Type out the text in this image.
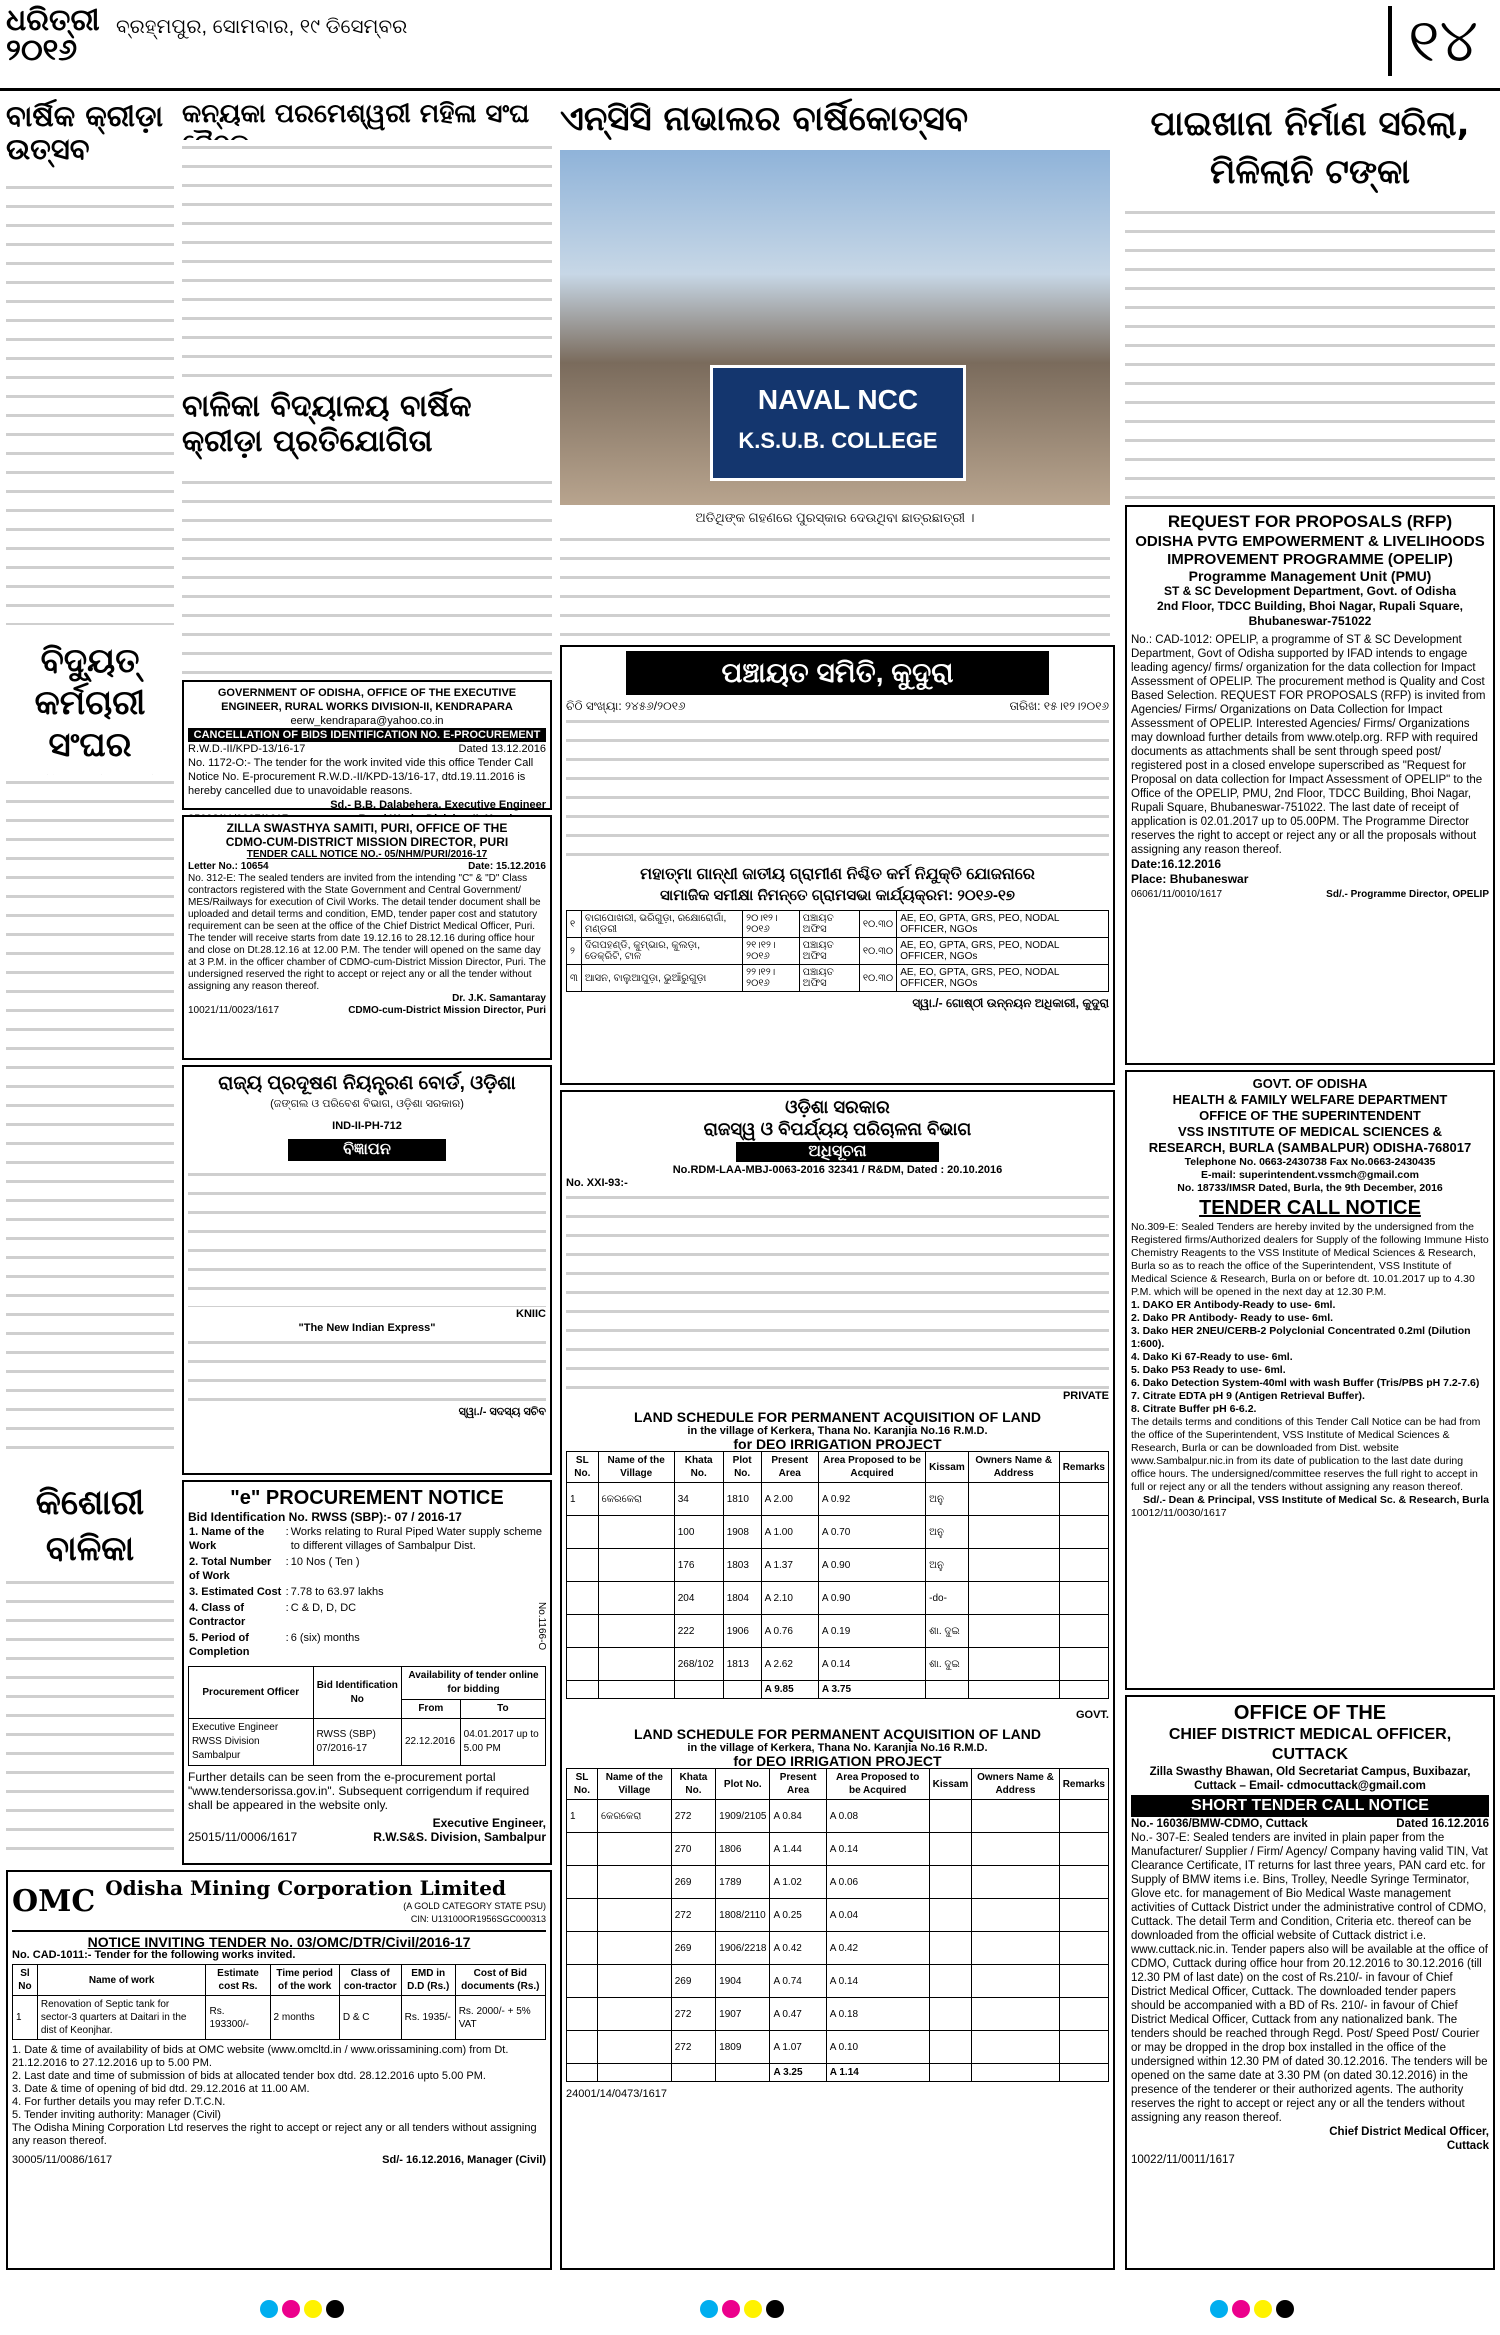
ଧରିତ୍ରୀ
୨୦୧୬
ବ୍ରହ୍ମପୁର, ସୋମବାର, ୧୯ ଡିସେମ୍ବର	୧୪
ବାର୍ଷିକ କ୍ରୀଡ଼ା ଉତ୍ସବ
ବିଦ୍ୟୁତ୍ କର୍ମଚାରୀ ସଂଘର
କିଶୋରୀ ବାଳିକା
କନ୍ୟକା ପରମେଶ୍ୱରୀ ମହିଳା ସଂଘ
ବାଳିକା ବିଦ୍ୟାଳୟ ବାର୍ଷିକ କ୍ରୀଡ଼ା ପ୍ରତିଯୋଗିତା
GOVERNMENT OF ODISHA, OFFICE OF THE EXECUTIVE
ENGINEER, RURAL WORKS DIVISION-II, KENDRAPARA
eerw_kendrapara@yahoo.co.in
CANCELLATION OF BIDS IDENTIFICATION NO. E-PROCUREMENT
R.W.D.-II/KPD-13/16-17	Dated 13.12.2016
No. 1172-O:- The tender for the work invited vide this office Tender Call Notice No. E-procurement R.W.D.-II/KPD-13/16-17, dtd.19.11.2016 is hereby cancelled due to unavoidable reasons.
Sd.- B.B. Dalabehera, Executive Engineer
ZILLA SWASTHYA SAMITI, PURI, OFFICE OF THE
CDMO-CUM-DISTRICT MISSION DIRECTOR, PURI
TENDER CALL NOTICE NO.- 05/NHM/PURI/2016-17
Letter No.: 10654	Date: 15.12.2016
No. 312-E: The sealed tenders are invited from the intending "C" & "D" Class contractors registered with the State Government and Central Government/ MES/Railways for execution of Civil Works. The detail tender document shall be uploaded and detail terms and condition, EMD, tender paper cost and statutory requirement can be seen at the office of the Chief District Medical Officer, Puri. The tender will receive starts from date 19.12.16 to 28.12.16 during office hour and close on Dt.28.12.16 at 12.00 P.M. The tender will opened on the same day at 3 P.M. in the officer chamber of CDMO-cum-District Mission Director, Puri. The undersigned reserved the right to accept or reject any or all the tender without assigning any reason thereof.
Dr. J.K. Samantaray
10021/11/0023/1617	CDMO-cum-District Mission Director, Puri
ରାଜ୍ୟ ପ୍ରଦୂଷଣ ନିୟନ୍ତ୍ରଣ ବୋର୍ଡ, ଓଡ଼ିଶା
(ଜଙ୍ଗଲ ଓ ପରିବେଶ ବିଭାଗ, ଓଡ଼ିଶା ସରକାର)
IND-II-PH-712
ବିଜ୍ଞାପନ
KNIIC
"The New Indian Express"
ସ୍ୱା./- ସଦସ୍ୟ ସଚିବ
"e" PROCUREMENT NOTICE
Bid Identification No. RWSS (SBP):- 07 / 2016-17
1. Name of the Work	:	Works relating to Rural Piped Water supply scheme to different villages of Sambalpur Dist.
2. Total Number of Work	:	10 Nos ( Ten )
3. Estimated Cost	:	7.78 to 63.97 lakhs
4. Class of Contractor	:	C & D, D, DC
5. Period of Completion	:	6 (six) months
Procurement Officer	Bid Identification No	Availability of tender online for bidding	
		From	To
Executive Engineer RWSS Division Sambalpur	RWSS (SBP) 07/2016-17	22.12.2016	04.01.2017 up to 5.00 PM
Further details can be seen from the e-procurement portal "www.tendersorissa.gov.in". Subsequent corrigendum if required shall be appeared in the website only.
Executive Engineer,
25015/11/0006/1617	R.W.S&S. Division, Sambalpur
No.1166-O
OMC Odisha Mining Corporation Limited
(A GOLD CATEGORY STATE PSU)
CIN: U13100OR1956SGC000313
NOTICE INVITING TENDER No. 03/OMC/DTR/Civil/2016-17
No. CAD-1011:- Tender for the following works invited.
Sl No	Name of work	Estimate cost Rs.	Time period of the work	Class of con-tractor	EMD in D.D (Rs.)	Cost of Bid documents (Rs.)
1	Renovation of Septic tank for sector-3 quarters at Daitari in the dist of Keonjhar.	Rs. 193300/-	2 months	D & C	Rs. 1935/-	Rs. 2000/- + 5% VAT
1. Date & time of availability of bids at OMC website (www.omcltd.in / www.orissamining.com) from Dt. 21.12.2016 to 27.12.2016 up to 5.00 PM.
2. Last date and time of submission of bids at allocated tender box dtd. 28.12.2016 upto 5.00 PM.
3. Date & time of opening of bid dtd. 29.12.2016 at 11.00 AM.
4. For further details you may refer D.T.C.N.
5. Tender inviting authority: Manager (Civil)
The Odisha Mining Corporation Ltd reserves the right to accept or reject any or all tenders without assigning any reason thereof.
30005/11/0086/1617	Sd/- 16.12.2016, Manager (Civil)
ଏନ୍‌ସିସି ନାଭାଲର ବାର୍ଷିକୋତ୍ସବ
NAVAL NCC
K.S.U.B. COLLEGE
ଅତିଥିଙ୍କ ଗହଣରେ ପୁରସ୍କାର ଦେଉଥିବା ଛାତ୍ରଛାତ୍ରୀ ।
ପଞ୍ଚାୟତ ସମିତି, କୁଦୁରା
ଚିଠି ସଂଖ୍ୟା: ୨୪୫୬/୨୦୧୬	ତାରିଖ: ୧୫।୧୨।୨୦୧୬
ମହାତ୍ମା ଗାନ୍ଧୀ ଜାତୀୟ ଗ୍ରାମୀଣ ନିଶ୍ଚିତ କର୍ମ ନିଯୁକ୍ତି ଯୋଜନାରେ
ସାମାଜିକ ସମୀକ୍ଷା ନିମନ୍ତେ ଗ୍ରାମସଭା କାର୍ଯ୍ୟକ୍ରମ: ୨୦୧୬-୧୭
୧	ବାଗପୋଖରୀ, ଭରିଗୁଡ଼ା, ରକ୍ଷୋରୋଗାଁ, ମଣ୍ଡରୀ	୨୦।୧୨।୨୦୧୬	ପଞ୍ଚାୟତ ଅଫିସ	୧୦.୩୦	AE, EO, GPTA, GRS, PEO, NODAL OFFICER, NGOs
୨	ଦିଗପହଣ୍ଡି, କୁମ୍ଭାର, କୁଲଡ଼ା, ଡେକ୍ରିଟି, ଟାଳ	୨୧।୧୨।୨୦୧୬	ପଞ୍ଚାୟତ ଅଫିସ	୧୦.୩୦	AE, EO, GPTA, GRS, PEO, NODAL OFFICER, NGOs
୩	ଆସନ, ବାଲୁଆପୁଡ଼ା, ଭୁଆଁରୁଗୁଡ଼ା	୨୨।୧୨।୨୦୧୬	ପଞ୍ଚାୟତ ଅଫିସ	୧୦.୩୦	AE, EO, GPTA, GRS, PEO, NODAL OFFICER, NGOs
ସ୍ୱା./- ଗୋଷ୍ଠୀ ଉନ୍ନୟନ ଅଧିକାରୀ, କୁଦୁରା
ଓଡ଼ିଶା ସରକାର
ରାଜସ୍ୱ ଓ ବିପର୍ଯ୍ୟୟ ପରିଚାଳନା ବିଭାଗ
ଅଧିସୂଚନା
No.RDM-LAA-MBJ-0063-2016 32341 / R&DM, Dated : 20.10.2016
No. XXI-93:-
PRIVATE
LAND SCHEDULE FOR PERMANENT ACQUISITION OF LAND
in the village of Kerkera, Thana No. Karanjia No.16 R.M.D.
for DEO IRRIGATION PROJECT
SL No.	Name of the Village	Khata No.	Plot No.	Present Area	Area Proposed to be Acquired	Kissam	Owners Name & Address	Remarks
1	କେରକେରା	34	1810	A 2.00	A 0.92	ଅନୁ		
		100	1908	A 1.00	A 0.70	ଅନୁ		
		176	1803	A 1.37	A 0.90	ଅନୁ		
		204	1804	A 2.10	A 0.90	-do-		
		222	1906	A 0.76	A 0.19	ଶା. ଦୁଇ		
		268/102	1813	A 2.62	A 0.14	ଶା. ଦୁଇ		
				A 9.85	A 3.75			
GOVT.
LAND SCHEDULE FOR PERMANENT ACQUISITION OF LAND
in the village of Kerkera, Thana No. Karanjia No.16 R.M.D.
for DEO IRRIGATION PROJECT
SL No.	Name of the Village	Khata No.	Plot No.	Present Area	Area Proposed to be Acquired	Kissam	Owners Name & Address	Remarks
1	କେରକେରା	272	1909/2105	A 0.84	A 0.08			
		270	1806	A 1.44	A 0.14			
		269	1789	A 1.02	A 0.06			
		272	1808/2110	A 0.25	A 0.04			
		269	1906/2218	A 0.42	A 0.42			
		269	1904	A 0.74	A 0.14			
		272	1907	A 0.47	A 0.18			
		272	1809	A 1.07	A 0.10			
				A 3.25	A 1.14			
24001/14/0473/1617
ପାଇଖାନା ନିର୍ମାଣ ସରିଲା, ମିଳିଲାନି ଟଙ୍କା
REQUEST FOR PROPOSALS (RFP)
ODISHA PVTG EMPOWERMENT & LIVELIHOODS IMPROVEMENT PROGRAMME (OPELIP)
Programme Management Unit (PMU)
ST & SC Development Department, Govt. of Odisha
2nd Floor, TDCC Building, Bhoi Nagar, Rupali Square, Bhubaneswar-751022
No.: CAD-1012: OPELIP, a programme of ST & SC Development Department, Govt of Odisha supported by IFAD intends to engage leading agency/ firms/ organization for the data collection for Impact Assessment of OPELIP. The procurement method is Quality and Cost Based Selection. REQUEST FOR PROPOSALS (RFP) is invited from Agencies/ Firms/ Organizations on Data Collection for Impact Assessment of OPELIP. Interested Agencies/ Firms/ Organizations may download further details from www.otelp.org. RFP with required documents as attachments shall be sent through speed post/ registered post in a closed envelope superscribed as "Request for Proposal on data collection for Impact Assessment of OPELIP" to the Office of the OPELIP, PMU, 2nd Floor, TDCC Building, Bhoi Nagar, Rupali Square, Bhubaneswar-751022. The last date of receipt of application is 02.01.2017 up to 05.00PM. The Programme Director reserves the right to accept or reject any or all the proposals without assigning any reason thereof.
Date:16.12.2016
Place: Bhubaneswar
06061/11/0010/1617	Sd/.- Programme Director, OPELIP
GOVT. OF ODISHA
HEALTH & FAMILY WELFARE DEPARTMENT
OFFICE OF THE SUPERINTENDENT
VSS INSTITUTE OF MEDICAL SCIENCES &
RESEARCH, BURLA (SAMBALPUR) ODISHA-768017
Telephone No. 0663-2430738 Fax No.0663-2430435
E-mail: superintendent.vssmch@gmail.com
No. 18733/IMSR Dated, Burla, the 9th December, 2016
TENDER CALL NOTICE
No.309-E: Sealed Tenders are hereby invited by the undersigned from the Registered firms/Authorized dealers for Supply of the following Immune Histo Chemistry Reagents to the VSS Institute of Medical Sciences & Research, Burla so as to reach the office of the Superintendent, VSS Institute of Medical Science & Research, Burla on or before dt. 10.01.2017 up to 4.30 P.M. which will be opened in the next day at 12.30 P.M.
1. DAKO ER Antibody-Ready to use- 6ml.
2. Dako PR Antibody- Ready to use- 6ml.
3. Dako HER 2NEU/CERB-2 Polyclonial Concentrated 0.2ml (Dilution 1:600).
4. Dako Ki 67-Ready to use- 6ml.
5. Dako P53 Ready to use- 6ml.
6. Dako Detection System-40ml with wash Buffer (Tris/PBS pH 7.2-7.6)
7. Citrate EDTA pH 9 (Antigen Retrieval Buffer).
8. Citrate Buffer pH 6-6.2.
The details terms and conditions of this Tender Call Notice can be had from the office of the Superintendent, VSS Institute of Medical Sciences & Research, Burla or can be downloaded from Dist. website www.Sambalpur.nic.in from its date of publication to the last date during office hours. The undersigned/committee reserves the full right to accept in full or reject any or all the tenders without assigning any reason thereof.
Sd/.- Dean & Principal, VSS Institute of Medical Sc. & Research, Burla
10012/11/0030/1617
OFFICE OF THE
CHIEF DISTRICT MEDICAL OFFICER, CUTTACK
Zilla Swasthy Bhawan, Old Secretariat Campus, Buxibazar, Cuttack – Email- cdmocuttack@gmail.com
SHORT TENDER CALL NOTICE
No.- 16036/BMW-CDMO, Cuttack	Dated 16.12.2016
No.- 307-E: Sealed tenders are invited in plain paper from the Manufacturer/ Supplier / Firm/ Agency/ Company having valid TIN, Vat Clearance Certificate, IT returns for last three years, PAN card etc. for Supply of BMW items i.e. Bins, Trolley, Needle Syringe Terminator, Glove etc. for management of Bio Medical Waste management activities of Cuttack District under the administrative control of CDMO, Cuttack. The detail Term and Condition, Criteria etc. thereof can be downloaded from the official website of Cuttack district i.e. www.cuttack.nic.in. Tender papers also will be available at the office of CDMO, Cuttack during office hour from 20.12.2016 to 30.12.2016 (till 12.30 PM of last date) on the cost of Rs.210/- in favour of Chief District Medical Officer, Cuttack. The downloaded tender papers should be accompanied with a BD of Rs. 210/- in favour of Chief District Medical Officer, Cuttack from any nationalized bank. The tenders should be reached through Regd. Post/ Speed Post/ Courier or may be dropped in the drop box installed in the office of the undersigned within 12.30 PM of dated 30.12.2016. The tenders will be opened on the same date at 3.30 PM (on dated 30.12.2016) in the presence of the tenderer or their authorized agents. The authority reserves the right to accept or reject any or all the tenders without assigning any reason thereof.
Chief District Medical Officer,
Cuttack
10022/11/0011/1617
